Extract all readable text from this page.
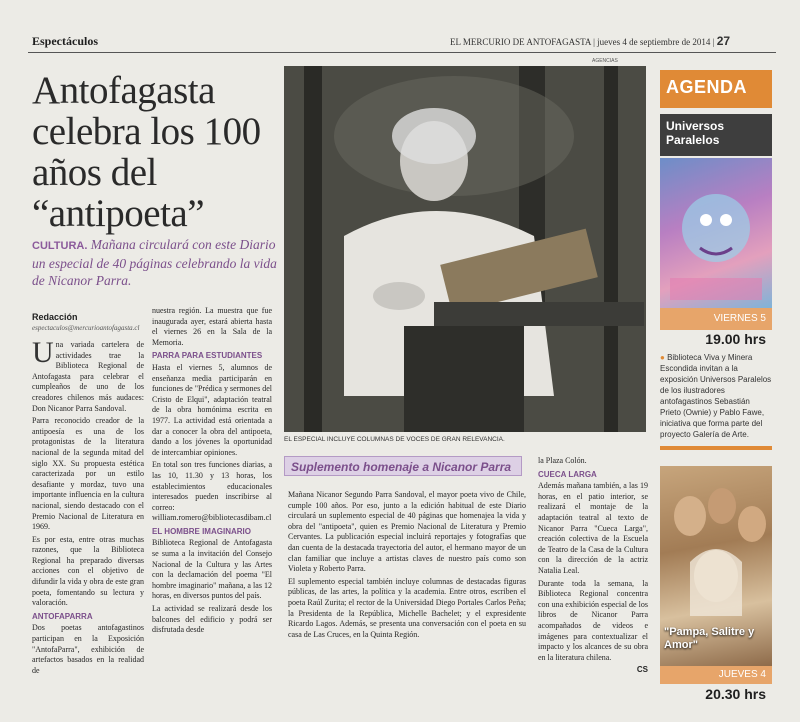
Espectáculos	EL MERCURIO DE ANTOFAGASTA | jueves 4 de septiembre de 2014 | 27
Antofagasta celebra los 100 años del “antipoeta”
CULTURA. Mañana circulará con este Diario un especial de 40 páginas celebrando la vida de Nicanor Parra.
Redacción
espectaculos@mercurioantofagasta.cl

Una variada cartelera de actividades trae la Biblioteca Regional de Antofagasta para celebrar el cumpleaños de uno de los creadores chilenos más audaces: Don Nicanor Parra Sandoval.

Parra reconocido creador de la antipoesía es una de los protagonistas de la literatura nacional de la segunda mitad del siglo XX. Su propuesta estética caracterizada por un estilo desafiante y mordaz, tuvo una importante influencia en la cultura nacional, siendo destacado con el Premio Nacional de Literatura en 1969.

Es por esta, entre otras muchas razones, que la Biblioteca Regional ha preparado diversas acciones con el objetivo de difundir la vida y obra de este gran poeta, fomentando su lectura y valoración.

ANTOFAPARRA

Dos poetas antofagastinos participan en la Exposición "AntofaParra", exhibición de artefactos basados en la realidad de

nuestra región. La muestra que fue inaugurada ayer, estará abierta hasta el viernes 26 en la Sala de la Memoria.

PARRA PARA ESTUDIANTES

Hasta el viernes 5, alumnos de enseñanza media participarán en funciones de "Prédica y sermones del Cristo de Elqui", adaptación teatral de la obra homónima escrita en 1977. La actividad está orientada a dar a conocer la obra del antipoeta, dando a los jóvenes la oportunidad de intercambiar opiniones.

En total son tres funciones diarias, a las 10, 11.30 y 13 horas, los establecimientos educacionales interesados pueden inscribirse al correo: william.romero@bibliotecasdibam.cl

EL HOMBRE IMAGINARIO

Biblioteca Regional de Antofagasta se suma a la invitación del Consejo Nacional de la Cultura y las Artes con la declamación del poema "El hombre imaginario" mañana, a las 12 horas, en diversos puntos del país.

La actividad se realizará desde los balcones del edificio y podrá ser disfrutada desde

AGENCIAS
EL ESPECIAL INCLUYE COLUMNAS DE VOCES DE GRAN RELEVANCIA.
Suplemento homenaje a Nicanor Parra

Mañana Nicanor Segundo Parra Sandoval, el mayor poeta vivo de Chile, cumple 100 años. Por eso, junto a la edición habitual de este Diario circulará un suplemento especial de 40 páginas que homenajea la vida y obra del "antipoeta", quien es Premio Nacional de Literatura y Premio Cervantes. La publicación especial incluirá reportajes y fotografías que dan cuenta de la destacada trayectoria del autor, el hermano mayor de un clan familiar que incluye a artistas claves de nuestro país como son Violeta y Roberto Parra.

El suplemento especial también incluye columnas de destacadas figuras públicas, de las artes, la política y la academia. Entre otros, escriben el poeta Raúl Zurita; el rector de la Universidad Diego Portales Carlos Peña; la Presidenta de la República, Michelle Bachelet; y el expresidente Ricardo Lagos. Además, se presenta una conversación con el poeta en su casa de Las Cruces, en la Quinta Región.

la Plaza Colón.

CUECA LARGA

Además mañana también, a las 19 horas, en el patio interior, se realizará el montaje de la adaptación teatral al texto de Nicanor Parra "Cueca Larga", creación colectiva de la Escuela de Teatro de la Casa de la Cultura con la dirección de la actriz Natalia Leal.

Durante toda la semana, la Biblioteca Regional concentra con una exhibición especial de los libros de Nicanor Parra acompañados de videos e imágenes para contextualizar el impacto y los alcances de su obra en la literatura chilena.

CS

AGENDA
Universos Paralelos
VIERNES 5
19.00 hrs
● Biblioteca Viva y Minera Escondida invitan a la exposición Universos Paralelos de los ilustradores antofagastinos Sebastián Prieto (Ownie) y Pablo Fawe, iniciativa que forma parte del proyecto Galería de Arte.
"Pampa, Salitre y Amor"
JUEVES 4
20.30 hrs
